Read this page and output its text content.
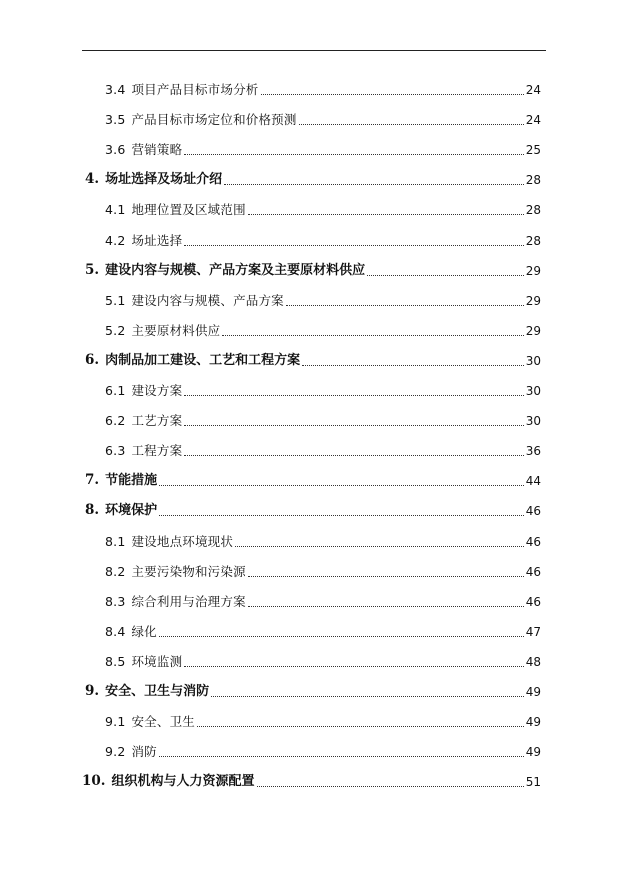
3.4 项目产品目标市场分析	24
3.5 产品目标市场定位和价格预测	24
3.6 营销策略	25
4. 场址选择及场址介绍	28
4.1 地理位置及区域范围	28
4.2 场址选择	28
5. 建设内容与规模、产品方案及主要原材料供应	29
5.1 建设内容与规模、产品方案	29
5.2 主要原材料供应	29
6. 肉制品加工建设、工艺和工程方案	30
6.1 建设方案	30
6.2 工艺方案	30
6.3 工程方案	36
7. 节能措施	44
8. 环境保护	46
8.1 建设地点环境现状	46
8.2 主要污染物和污染源	46
8.3 综合利用与治理方案	46
8.4 绿化	47
8.5 环境监测	48
9. 安全、卫生与消防	49
9.1 安全、卫生	49
9.2 消防	49
10. 组织机构与人力资源配置	51
